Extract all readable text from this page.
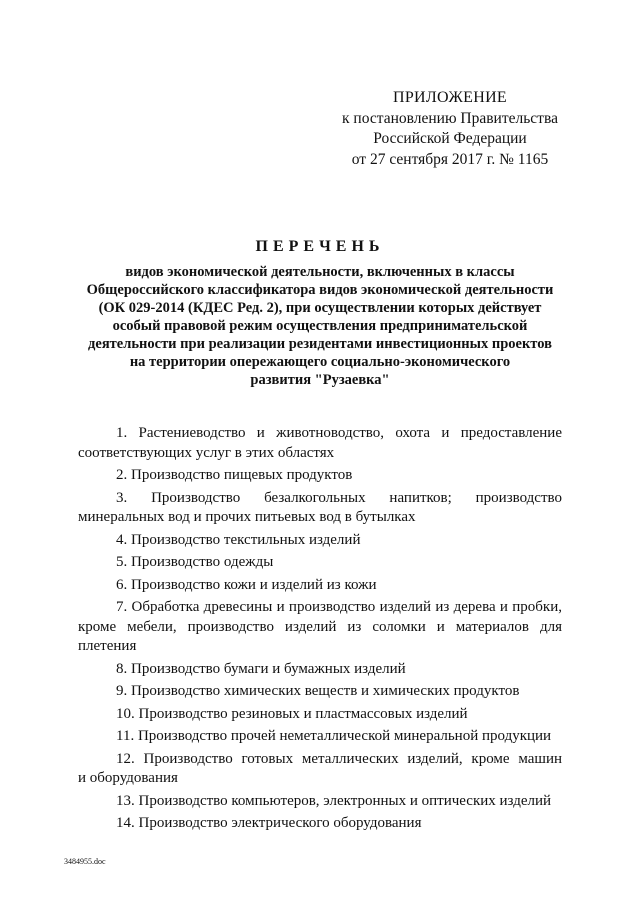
ПРИЛОЖЕНИЕ
к постановлению Правительства
Российской Федерации
от 27 сентября 2017 г. № 1165
ПЕРЕЧЕНЬ
видов экономической деятельности, включенных в классы
Общероссийского классификатора видов экономической деятельности
(ОК 029-2014 (КДЕС Ред. 2), при осуществлении которых действует
особый правовой режим осуществления предпринимательской
деятельности при реализации резидентами инвестиционных проектов
на территории опережающего социально-экономического
развития "Рузаевка"
1. Растениеводство и животноводство, охота и предоставление
соответствующих услуг в этих областях
2. Производство пищевых продуктов
3. Производство безалкогольных напитков; производство
минеральных вод и прочих питьевых вод в бутылках
4. Производство текстильных изделий
5. Производство одежды
6. Производство кожи и изделий из кожи
7. Обработка древесины и производство изделий из дерева и пробки,
кроме мебели, производство изделий из соломки и материалов для
плетения
8. Производство бумаги и бумажных изделий
9. Производство химических веществ и химических продуктов
10. Производство резиновых и пластмассовых изделий
11. Производство прочей неметаллической минеральной продукции
12. Производство готовых металлических изделий, кроме машин
и оборудования
13. Производство компьютеров, электронных и оптических изделий
14. Производство электрического оборудования
3484955.doc
